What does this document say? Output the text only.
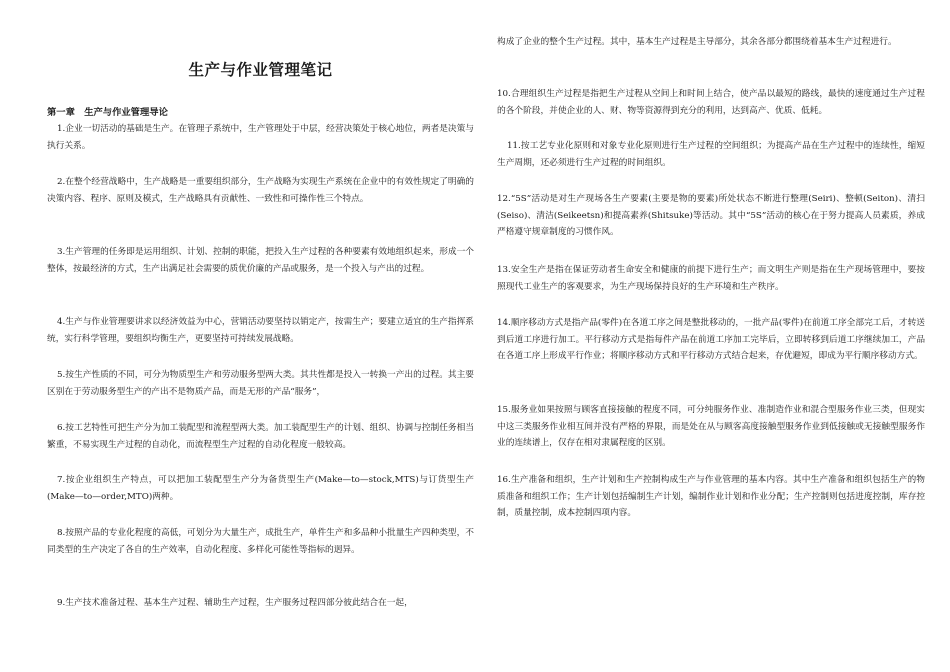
生产与作业管理笔记
第一章　生产与作业管理导论

1.企业一切活动的基础是生产。在管理子系统中，生产管理处于中层，经营决策处于核心地位，两者是决策与执行关系。

2.在整个经营战略中，生产战略是一重要组织部分，生产战略为实现生产系统在企业中的有效性规定了明确的决策内容、程序、原则及模式，生产战略具有贡献性、一致性和可操作性三个特点。

3.生产管理的任务即是运用组织、计划、控制的职能，把投入生产过程的各种要素有效地组织起来，形成一个整体，按最经济的方式，生产出满足社会需要的质优价廉的产品或服务，是一个投入与产出的过程。

4.生产与作业管理要讲求以经济效益为中心，营销活动要坚持以销定产，按需生产；要建立适宜的生产指挥系统，实行科学管理，要组织均衡生产，更要坚持可持续发展战略。

5.按生产性质的不同，可分为物质型生产和劳动服务型两大类。其共性都是投入一转换一产出的过程。其主要区别在于劳动服务型生产的产出不是物质产品，而是无形的产品“服务”，

6.按工艺特性可把生产分为加工装配型和流程型两大类。加工装配型生产的计划、组织、协调与控制任务相当繁重，不易实现生产过程的自动化，而流程型生产过程的自动化程度一般较高。

7.按企业组织生产特点，可以把加工装配型生产分为备货型生产(Make—to—stock,MTS)与订货型生产(Make—to—order,MTO)两种。

8.按照产品的专业化程度的高低，可划分为大量生产，成批生产，单件生产和多品种小批量生产四种类型，不同类型的生产决定了各自的生产效率，自动化程度、多样化可能性等指标的迥异。

9.生产技术准备过程、基本生产过程、辅助生产过程，生产服务过程四部分彼此结合在一起，

构成了企业的整个生产过程。其中，基本生产过程是主导部分，其余各部分都围绕着基本生产过程进行。

10.合理组织生产过程是指把生产过程从空间上和时间上结合，使产品以最短的路线，最快的速度通过生产过程的各个阶段，并使企业的人、财、物等资源得到充分的利用，达到高产、优质、低耗。

11.按工艺专业化原则和对象专业化原则进行生产过程的空间组织；为提高产品在生产过程中的连续性，缩短生产周期，还必须进行生产过程的时间组织。

12.“5S”活动是对生产现场各生产要素(主要是物的要素)所处状态不断进行整理(Seiri)、整顿(Seiton)、清扫(Seiso)、清洁(Seikeetsn)和提高素养(Shitsuke)等活动。其中“5S”活动的核心在于努力提高人员素质，养成严格遵守规章制度的习惯作风。

13.安全生产是指在保证劳动者生命安全和健康的前提下进行生产；而文明生产则是指在生产现场管理中，要按照现代工业生产的客观要求，为生产现场保持良好的生产环境和生产秩序。

14.顺序移动方式是指产品(零件)在各道工序之间是整批移动的，一批产品(零件)在前道工序全部完工后，才转送到后道工序进行加工。平行移动方式是指每件产品在前道工序加工完毕后，立即转移到后道工序继续加工，产品在各道工序上形成平行作业；将顺序移动方式和平行移动方式结合起来，存优避短，即成为平行顺序移动方式。

15.服务业如果按照与顾客直接接触的程度不同，可分纯服务作业、准制造作业和混合型服务作业三类，但现实中这三类服务作业相互间并没有严格的界限，而是处在从与顾客高度接触型服务作业到低接触或无接触型服务作业的连续谱上，仅存在相对隶属程度的区别。

16.生产准备和组织，生产计划和生产控制构成生产与作业管理的基本内容。其中生产准备和组织包括生产的物质准备和组织工作；生产计划包括编制生产计划，编制作业计划和作业分配；生产控制则包括进度控制，库存控制，质量控制，成本控制四项内容。
